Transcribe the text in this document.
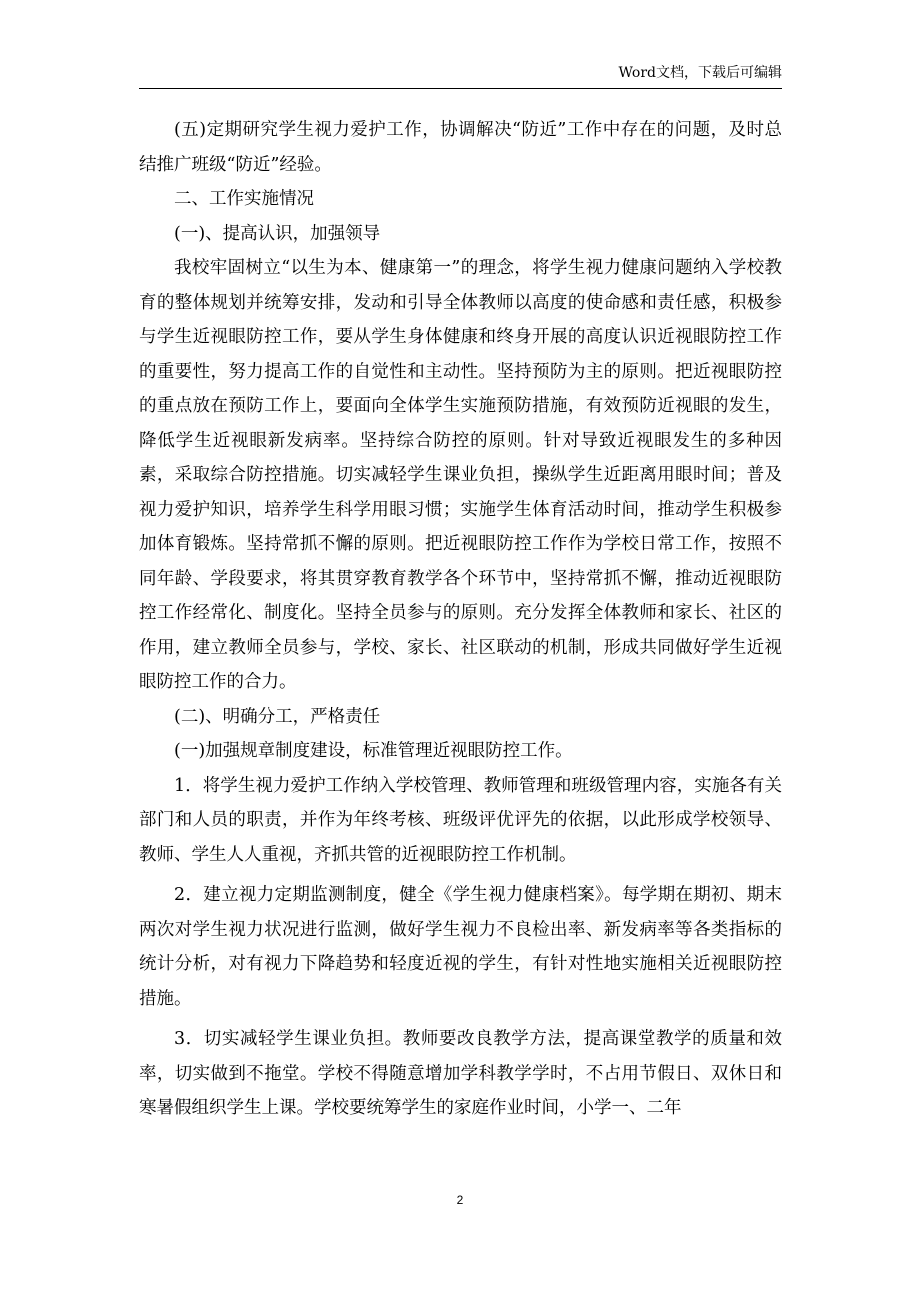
Word文档，下载后可编辑

(五)定期研究学生视力爱护工作，协调解决“防近”工作中存在的问题，及时总结推广班级“防近”经验。

二、工作实施情况

(一)、提高认识，加强领导

我校牢固树立“以生为本、健康第一”的理念，将学生视力健康问题纳入学校教育的整体规划并统筹安排，发动和引导全体教师以高度的使命感和责任感，积极参与学生近视眼防控工作，要从学生身体健康和终身开展的高度认识近视眼防控工作的重要性，努力提高工作的自觉性和主动性。坚持预防为主的原则。把近视眼防控的重点放在预防工作上，要面向全体学生实施预防措施，有效预防近视眼的发生，降低学生近视眼新发病率。坚持综合防控的原则。针对导致近视眼发生的多种因素，采取综合防控措施。切实减轻学生课业负担，操纵学生近距离用眼时间；普及视力爱护知识，培养学生科学用眼习惯；实施学生体育活动时间，推动学生积极参加体育锻炼。坚持常抓不懈的原则。把近视眼防控工作作为学校日常工作，按照不同年龄、学段要求，将其贯穿教育教学各个环节中，坚持常抓不懈，推动近视眼防控工作经常化、制度化。坚持全员参与的原则。充分发挥全体教师和家长、社区的作用，建立教师全员参与，学校、家长、社区联动的机制，形成共同做好学生近视眼防控工作的合力。

(二)、明确分工，严格责任

(一)加强规章制度建设，标准管理近视眼防控工作。

1．将学生视力爱护工作纳入学校管理、教师管理和班级管理内容，实施各有关部门和人员的职责，并作为年终考核、班级评优评先的依据，以此形成学校领导、教师、学生人人重视，齐抓共管的近视眼防控工作机制。

2．建立视力定期监测制度，健全《学生视力健康档案》。每学期在期初、期末两次对学生视力状况进行监测，做好学生视力不良检出率、新发病率等各类指标的统计分析，对有视力下降趋势和轻度近视的学生，有针对性地实施相关近视眼防控措施。

3．切实减轻学生课业负担。教师要改良教学方法，提高课堂教学的质量和效率，切实做到不拖堂。学校不得随意增加学科教学学时，不占用节假日、双休日和寒暑假组织学生上课。学校要统筹学生的家庭作业时间，小学一、二年

2
